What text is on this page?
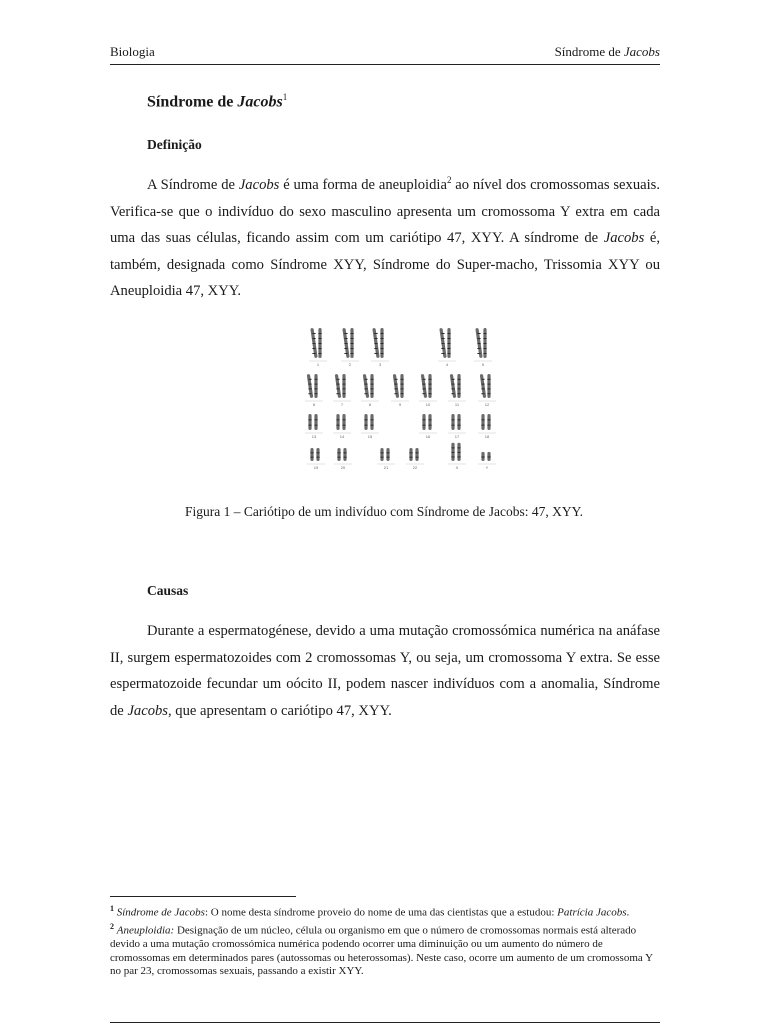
Biologia	Síndrome de Jacobs
Síndrome de Jacobs$^1$
Definição
A Síndrome de Jacobs é uma forma de aneuploidia$^2$ ao nível dos cromossomas sexuais. Verifica-se que o indivíduo do sexo masculino apresenta um cromossoma Y extra em cada uma das suas células, ficando assim com um cariótipo 47, XYY. A síndrome de Jacobs é, também, designada como Síndrome XYY, Síndrome do Super-macho, Trissomia XYY ou Aneuploidia 47, XYY.
1	2	3	4	5
6	7	8	9	10	11	12
13	14	15	16	17	18
19	20	21	22	X	Y
Figura 1 – Cariótipo de um indivíduo com Síndrome de Jacobs: 47, XYY.
Causas
Durante a espermatogénese, devido a uma mutação cromossómica numérica na anáfase II, surgem espermatozoides com 2 cromossomas Y, ou seja, um cromossoma Y extra. Se esse espermatozoide fecundar um oócito II, podem nascer indivíduos com a anomalia, Síndrome de Jacobs, que apresentam o cariótipo 47, XYY.

$^1$ Síndrome de Jacobs: O nome desta síndrome proveio do nome de uma das cientistas que a estudou: Patrícia Jacobs.

$^2$ Aneuploidia: Designação de um núcleo, célula ou organismo em que o número de cromossomas normais está alterado devido a uma mutação cromossómica numérica podendo ocorrer uma diminuição ou um aumento do número de cromossomas em determinados pares (autossomas ou heterossomas). Neste caso, ocorre um aumento de um cromossoma Y no par 23, cromossomas sexuais, passando a existir XYY.
